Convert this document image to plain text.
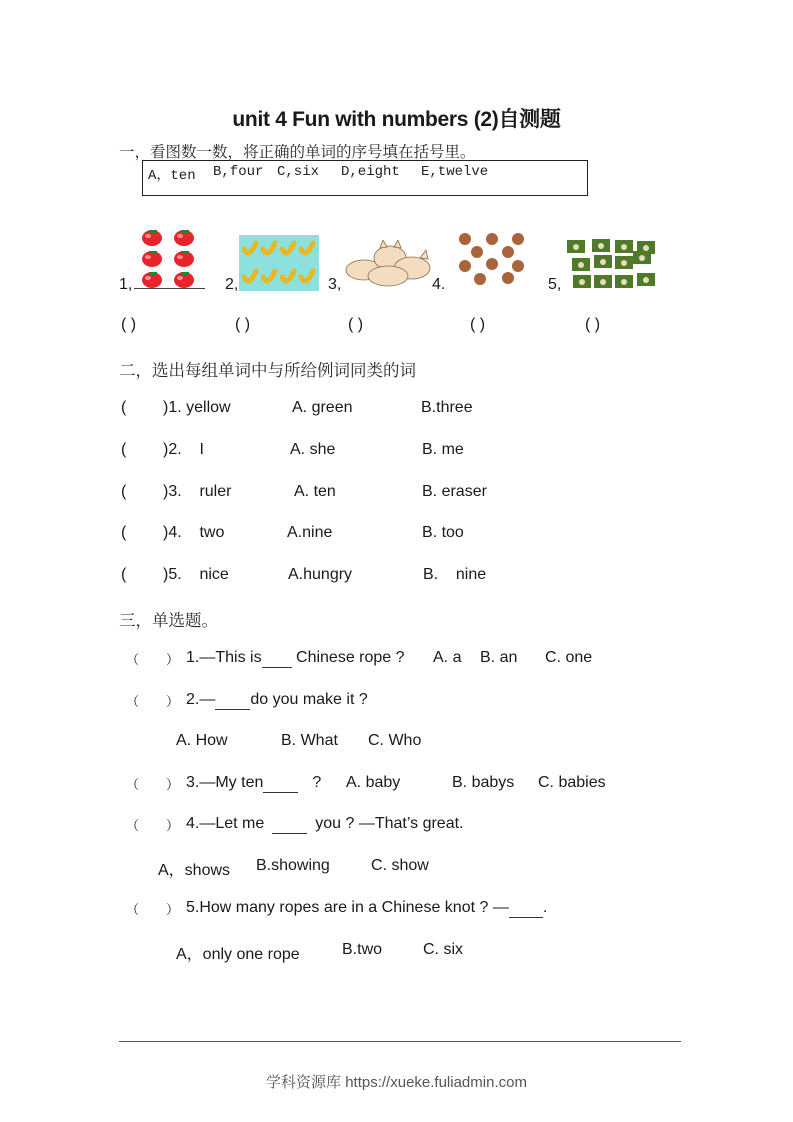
unit 4 Fun with numbers (2)自测题
一，看图数一数，将正确的单词的序号填在括号里。
A，ten B,four C,six D,eight E,twelve
1,	2,	3,	4.	5,
( )	( )	( )	( )	( )
二，选出每组单词中与所给例词同类的词
( )1. yellow	A. green	B.three
( )2.    I	A. she	B. me
( )3.    ruler	A. ten	B. eraser
( )4.    two	A.nine	B. too
( )5.    nice	A.hungry	B.    nine
三，单选题。
（ ） 1.—This is  Chinese rope ? A. a B. an C. one
（ ） 2.— do you make it ?
A. How	B. What C. Who
（ ） 3.—My ten	? A. baby	B. babys C. babies
（ ） 4.—Let me	you ? —That’s great.
A，shows B.showing	C. show
（ ） 5.How many ropes are in a Chinese knot ? — .
A，only one rope	B.two	C. six
学科资源库 https://xueke.fuliadmin.com
